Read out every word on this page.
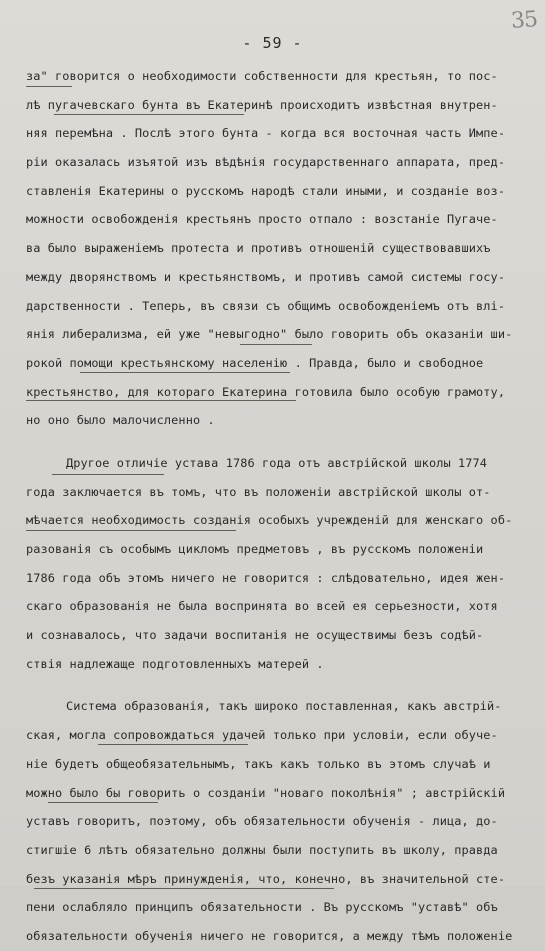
35
- 59 -
за" говорится о необходимости собственности для крестьян, то пос-
лѣ пугачевскаго бунта въ Екатеринѣ происходитъ извѣстная внутрен-
няя перемѣна . Послѣ этого бунта - когда вся восточная часть Импе-
ріи оказалась изъятой изъ вѣдѣнія государственнаго аппарата, пред-
ставленія Екатерины о русскомъ народѣ стали иными, и созданіе воз-
можности освобожденія крестьянъ просто отпало : возстаніе Пугаче-
ва было выраженіемъ протеста и противъ отношеній существовавшихъ
между дворянствомъ и крестьянствомъ, и противъ самой системы госу-
дарственности . Теперь, въ связи съ общимъ освобожденіемъ отъ влі-
янія либерализма, ей уже "невыгодно" было говорить объ оказаніи ши-
рокой помощи крестьянскому населенію . Правда, было и свободное
крестьянство, для котораго Екатерина готовила было особую грамоту,
но оно было малочисленно .
Другое отличіе устава 1786 года отъ австрійской школы 1774
года заключается въ томъ, что въ положеніи австрійской школы от-
мѣчается необходимость созданія особыхъ учрежденій для женскаго об-
разованія съ особымъ цикломъ предметовъ , въ русскомъ положеніи
1786 года объ этомъ ничего не говорится : слѣдовательно, идея жен-
скаго образованія не была воспринята во всей ея серьезности, хотя
и сознавалось, что задачи воспитанія не осуществимы безъ содѣй-
ствія надлежаще подготовленныхъ матерей .
Система образованія, такъ широко поставленная, какъ австрій-
ская, могла сопровождаться удачей только при условіи, если обуче-
ніе будетъ общеобязательнымъ, такъ какъ только въ этомъ случаѣ и
можно было бы говорить о созданіи "новаго поколѣнія" ; австрійскій
уставъ говоритъ, поэтому, объ обязательности обученія - лица, до-
стигшіе 6 лѣтъ обязательно должны были поступить въ школу, правда
безъ указанія мѣръ принужденія, что, конечно, въ значительной сте-
пени ослабляло принципъ обязательности . Въ русскомъ "уставѣ" объ
обязательности обученія ничего не говорится, а между тѣмъ положеніе
